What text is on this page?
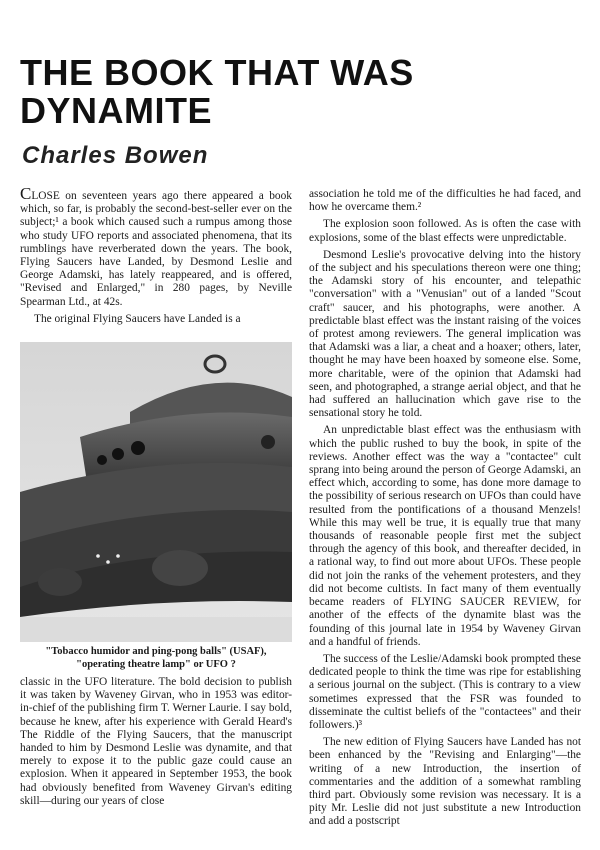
THE BOOK THAT WAS DYNAMITE
Charles Bowen

CLOSE on seventeen years ago there appeared a book which, so far, is probably the second-best-seller ever on the subject;¹ a book which caused such a rumpus among those who study UFO reports and associated phenomena, that its rumblings have reverberated down the years. The book, Flying Saucers have Landed, by Desmond Leslie and George Adamski, has lately reappeared, and is offered, "Revised and Enlarged," in 280 pages, by Neville Spearman Ltd., at 42s.

The original Flying Saucers have Landed is a

"Tobacco humidor and ping-pong balls" (USAF), "operating theatre lamp" or UFO ?

classic in the UFO literature. The bold decision to publish it was taken by Waveney Girvan, who in 1953 was editor-in-chief of the publishing firm T. Werner Laurie. I say bold, because he knew, after his experience with Gerald Heard's The Riddle of the Flying Saucers, that the manuscript handed to him by Desmond Leslie was dynamite, and that merely to expose it to the public gaze could cause an explosion. When it appeared in September 1953, the book had obviously benefited from Waveney Girvan's editing skill—during our years of close

association he told me of the difficulties he had faced, and how he overcame them.²

The explosion soon followed. As is often the case with explosions, some of the blast effects were unpredictable.

Desmond Leslie's provocative delving into the history of the subject and his speculations thereon were one thing; the Adamski story of his encounter, and telepathic "conversation" with a "Venusian" out of a landed "Scout craft" saucer, and his photographs, were another. A predictable blast effect was the instant raising of the voices of protest among reviewers. The general implication was that Adamski was a liar, a cheat and a hoaxer; others, later, thought he may have been hoaxed by someone else. Some, more charitable, were of the opinion that Adamski had seen, and photographed, a strange aerial object, and that he had suffered an hallucination which gave rise to the sensational story he told.

An unpredictable blast effect was the enthusiasm with which the public rushed to buy the book, in spite of the reviews. Another effect was the way a "contactee" cult sprang into being around the person of George Adamski, an effect which, according to some, has done more damage to the possibility of serious research on UFOs than could have resulted from the pontifications of a thousand Menzels! While this may well be true, it is equally true that many thousands of reasonable people first met the subject through the agency of this book, and thereafter decided, in a rational way, to find out more about UFOs. These people did not join the ranks of the vehement protesters, and they did not become cultists. In fact many of them eventually became readers of FLYING SAUCER REVIEW, for another of the effects of the dynamite blast was the founding of this journal late in 1954 by Waveney Girvan and a handful of friends.

The success of the Leslie/Adamski book prompted these dedicated people to think the time was ripe for establishing a serious journal on the subject. (This is contrary to a view sometimes expressed that the FSR was founded to disseminate the cultist beliefs of the "contactees" and their followers.)³

The new edition of Flying Saucers have Landed has not been enhanced by the "Revising and Enlarging"—the writing of a new Introduction, the insertion of commentaries and the addition of a somewhat rambling third part. Obviously some revision was necessary. It is a pity Mr. Leslie did not just substitute a new Introduction and add a postscript
